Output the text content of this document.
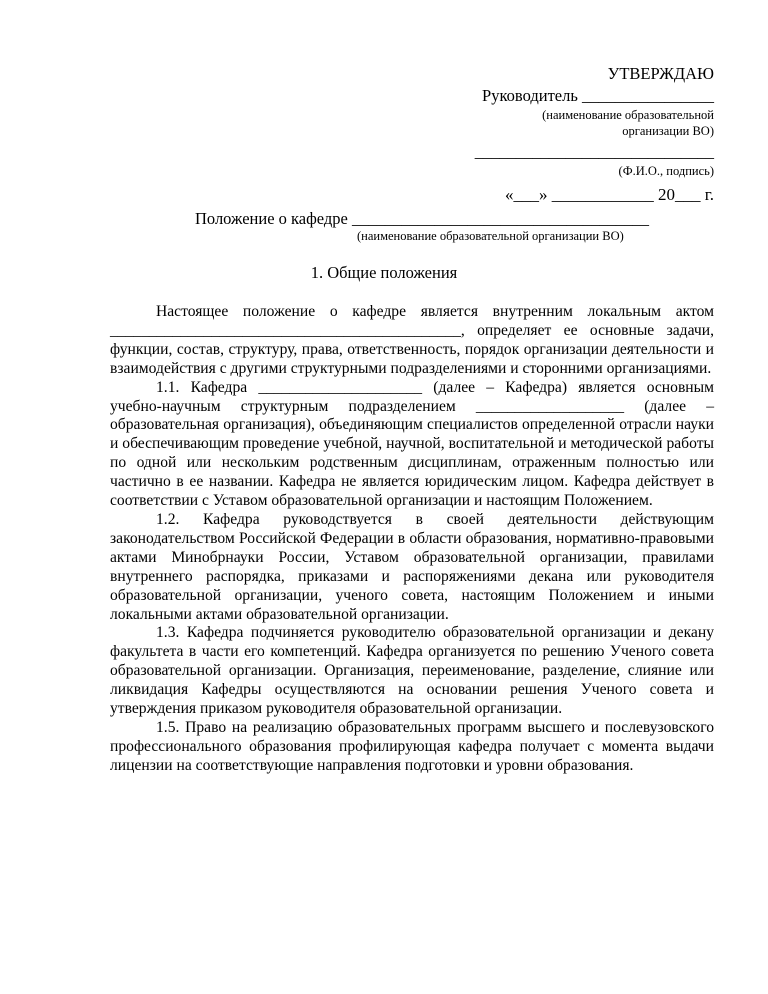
УТВЕРЖДАЮ
Руководитель ________________
(наименование образовательной
организации ВО)
_____________________________
(Ф.И.О., подпись)
«___» ____________ 20___ г.
Положение о кафедре ____________________________________
(наименование образовательной организации ВО)
1. Общие положения

Настоящее положение о кафедре является внутренним локальным актом _____________________________________________, определяет ее основные задачи, функции, состав, структуру, права, ответственность, порядок организации деятельности и взаимодействия с другими структурными подразделениями и сторонними организациями.

1.1. Кафедра _____________________ (далее – Кафедра) является основным учебно-научным структурным подразделением ___________________ (далее – образовательная организация), объединяющим специалистов определенной отрасли науки и обеспечивающим проведение учебной, научной, воспитательной и методической работы по одной или нескольким родственным дисциплинам, отраженным полностью или частично в ее названии. Кафедра не является юридическим лицом. Кафедра действует в соответствии с Уставом образовательной организации и настоящим Положением.

1.2. Кафедра руководствуется в своей деятельности действующим законодательством Российской Федерации в области образования, нормативно-правовыми актами Минобрнауки России, Уставом образовательной организации, правилами внутреннего распорядка, приказами и распоряжениями декана или руководителя образовательной организации, ученого совета, настоящим Положением и иными локальными актами образовательной организации.

1.3. Кафедра подчиняется руководителю образовательной организации и декану факультета в части его компетенций. Кафедра организуется по решению Ученого совета образовательной организации. Организация, переименование, разделение, слияние или ликвидация Кафедры осуществляются на основании решения Ученого совета и утверждения приказом руководителя образовательной организации.

1.5. Право на реализацию образовательных программ высшего и послевузовского профессионального образования профилирующая кафедра получает с момента выдачи лицензии на соответствующие направления подготовки и уровни образования.
